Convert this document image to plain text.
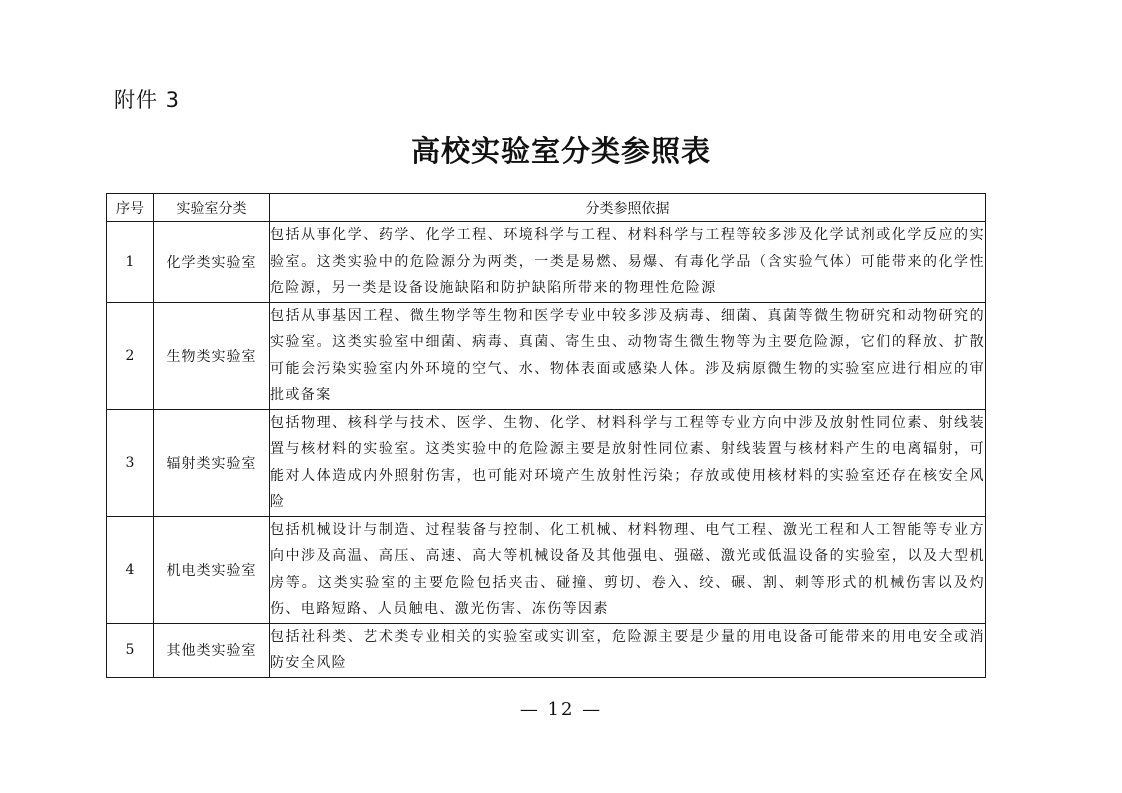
附件 3
高校实验室分类参照表
序号	实验室分类	分类参照依据
1	化学类实验室	包括从事化学、药学、化学工程、环境科学与工程、材料科学与工程等较多涉及化学试剂或化学反应的实验室。这类实验中的危险源分为两类，一类是易燃、易爆、有毒化学品（含实验气体）可能带来的化学性危险源，另一类是设备设施缺陷和防护缺陷所带来的物理性危险源
2	生物类实验室	包括从事基因工程、微生物学等生物和医学专业中较多涉及病毒、细菌、真菌等微生物研究和动物研究的实验室。这类实验室中细菌、病毒、真菌、寄生虫、动物寄生微生物等为主要危险源，它们的释放、扩散可能会污染实验室内外环境的空气、水、物体表面或感染人体。涉及病原微生物的实验室应进行相应的审批或备案
3	辐射类实验室	包括物理、核科学与技术、医学、生物、化学、材料科学与工程等专业方向中涉及放射性同位素、射线装置与核材料的实验室。这类实验中的危险源主要是放射性同位素、射线装置与核材料产生的电离辐射，可能对人体造成内外照射伤害，也可能对环境产生放射性污染；存放或使用核材料的实验室还存在核安全风险
4	机电类实验室	包括机械设计与制造、过程装备与控制、化工机械、材料物理、电气工程、激光工程和人工智能等专业方向中涉及高温、高压、高速、高大等机械设备及其他强电、强磁、激光或低温设备的实验室，以及大型机房等。这类实验室的主要危险包括夹击、碰撞、剪切、卷入、绞、碾、割、刺等形式的机械伤害以及灼伤、电路短路、人员触电、激光伤害、冻伤等因素
5	其他类实验室	包括社科类、艺术类专业相关的实验室或实训室，危险源主要是少量的用电设备可能带来的用电安全或消防安全风险
— 12 —
